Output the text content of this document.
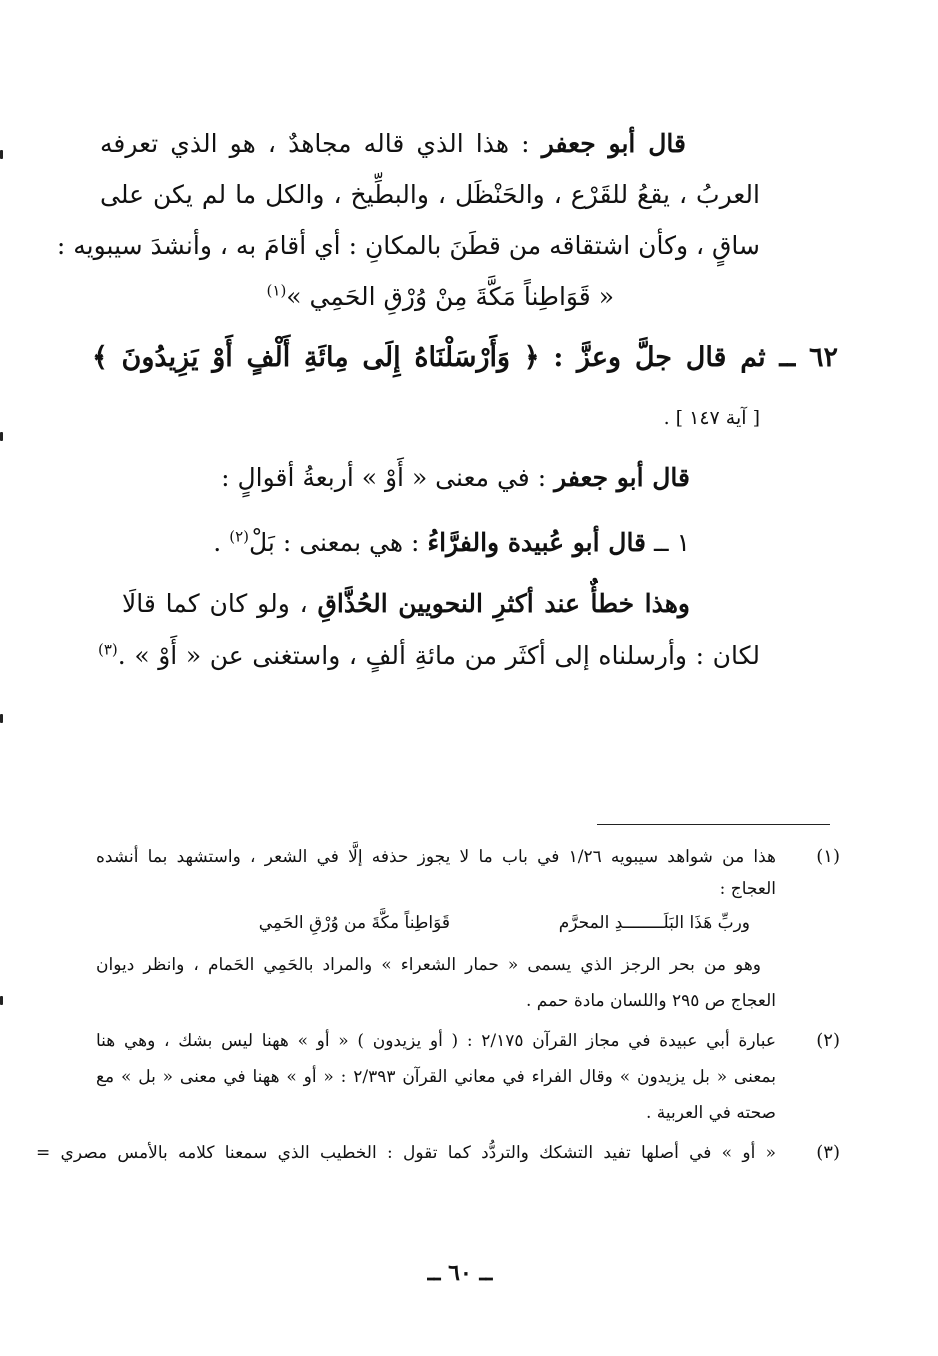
قال أبو جعفر : هذا الذي قاله مجاهدٌ ، هو الذي تعرفه
العربُ ، يقعُ للقَرْع ، والحَنْظَل ، والبطِّيخ ، والكل ما لم يكن على
ساقٍ ، وكأن اشتقاقه من قطَنَ بالمكانِ : أي أقامَ به ، وأنشدَ سيبويه :
« قَوَاطِناً مَكَّةَ مِنْ وُرْقِ الحَمِي »$^{(١)}$
٦٢ ــ ثم قال جلَّ وعزَّ : ﴿ وَأَرْسَلْنَاهُ إِلَى مِائَةِ أَلْفٍ أَوْ يَزِيدُونَ ﴾
[ آية ١٤٧ ] .
قال أبو جعفر : في معنى « أَوْ » أربعةُ أقوالٍ :
١ ــ قال أبو عُبيدة والفرَّاءُ : هي بمعنى : بَلْ$^{(٢)}$ .
وهذا خطأٌ عند أكثرِ النحويين الحُذَّاقِ ، ولو كان كما قالَا
لكان : وأرسلناه إلى أكثَر من مائةِ ألفٍ ، واستغنى عن « أَوْ » .$^{(٣)}$
(١)
هذا من شواهد سيبويه ١/٢٦ في باب ما لا يجوز حذفه إلَّا في الشعر ، واستشهد بما أنشده
العجاج :
وربِّ هَذَا البَلَــــــــدِ المحرَّم
قَوَاطِناً مكَّةَ من وُرْقِ الحَمِي
وهو من بحر الرجز الذي يسمى « حمار الشعراء » والمراد بالحَمِي الحَمام ، وانظر ديوان
العجاج ص ٢٩٥ واللسان مادة حمم .
(٢)
عبارة أبي عبيدة في مجاز القرآن ٢/١٧٥ : ( أو يزيدون ) « أو » ههنا ليس بشك ، وهي هنا
بمعنى « بل يزيدون » وقال الفراء في معاني القرآن ٢/٣٩٣ : « أو » ههنا في معنى « بل » مع
صحته في العربية .
(٣)
« أو » في أصلها تفيد التشكك والتردُّد كما تقول : الخطيب الذي سمعنا كلامه بالأمس مصري =
ــ ٦٠ ــ
